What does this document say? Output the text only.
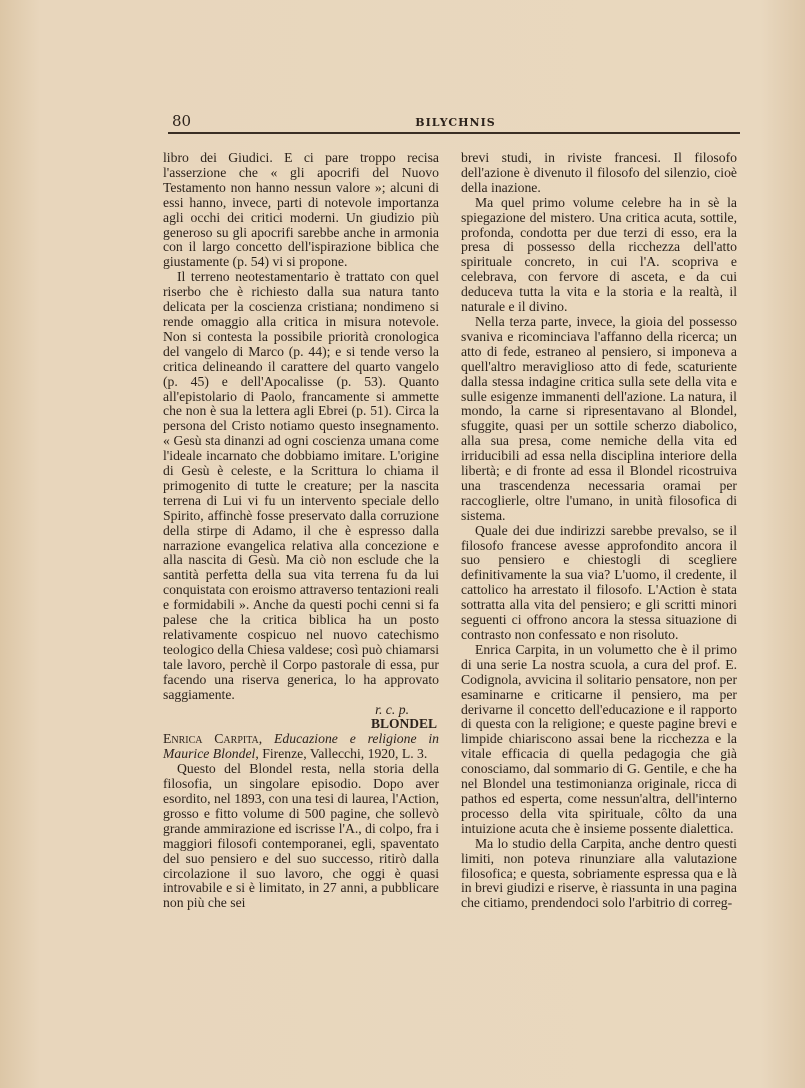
80	BILYCHNIS

libro dei Giudici. E ci pare troppo recisa l'asserzione che « gli apocrifi del Nuovo Testamento non hanno nessun valore »; alcuni di essi hanno, invece, parti di notevole importanza agli occhi dei critici moderni. Un giudizio più generoso su gli apocrifi sarebbe anche in armonia con il largo concetto dell'ispirazione biblica che giustamente (p. 54) vi si propone.

Il terreno neotestamentario è trattato con quel riserbo che è richiesto dalla sua natura tanto delicata per la coscienza cristiana; nondimeno si rende omaggio alla critica in misura notevole. Non si contesta la possibile priorità cronologica del vangelo di Marco (p. 44); e si tende verso la critica delineando il carattere del quarto vangelo (p. 45) e dell'Apocalisse (p. 53). Quanto all'epistolario di Paolo, francamente si ammette che non è sua la lettera agli Ebrei (p. 51). Circa la persona del Cristo notiamo questo insegnamento. « Gesù sta dinanzi ad ogni coscienza umana come l'ideale incarnato che dobbiamo imitare. L'origine di Gesù è celeste, e la Scrittura lo chiama il primogenito di tutte le creature; per la nascita terrena di Lui vi fu un intervento speciale dello Spirito, affinchè fosse preservato dalla corruzione della stirpe di Adamo, il che è espresso dalla narrazione evangelica relativa alla concezione e alla nascita di Gesù. Ma ciò non esclude che la santità perfetta della sua vita terrena fu da lui conquistata con eroismo attraverso tentazioni reali e formidabili ». Anche da questi pochi cenni si fa palese che la critica biblica ha un posto relativamente cospicuo nel nuovo catechismo teologico della Chiesa valdese; così può chiamarsi tale lavoro, perchè il Corpo pastorale di essa, pur facendo una riserva generica, lo ha approvato saggiamente.

r. c. p.

BLONDEL

Enrica Carpita, Educazione e religione in Maurice Blondel, Firenze, Vallecchi, 1920, L. 3.

Questo del Blondel resta, nella storia della filosofia, un singolare episodio. Dopo aver esordito, nel 1893, con una tesi di laurea, l'Action, grosso e fitto volume di 500 pagine, che sollevò grande ammirazione ed iscrisse l'A., di colpo, fra i maggiori filosofi contemporanei, egli, spaventato del suo pensiero e del suo successo, ritirò dalla circolazione il suo lavoro, che oggi è quasi introvabile e si è limitato, in 27 anni, a pubblicare non più che sei

brevi studi, in riviste francesi. Il filosofo dell'azione è divenuto il filosofo del silenzio, cioè della inazione.

Ma quel primo volume celebre ha in sè la spiegazione del mistero. Una critica acuta, sottile, profonda, condotta per due terzi di esso, era la presa di possesso della ricchezza dell'atto spirituale concreto, in cui l'A. scopriva e celebrava, con fervore di asceta, e da cui deduceva tutta la vita e la storia e la realtà, il naturale e il divino.

Nella terza parte, invece, la gioia del possesso svaniva e ricominciava l'affanno della ricerca; un atto di fede, estraneo al pensiero, si imponeva a quell'altro meraviglioso atto di fede, scaturiente dalla stessa indagine critica sulla sete della vita e sulle esigenze immanenti dell'azione. La natura, il mondo, la carne si ripresentavano al Blondel, sfuggite, quasi per un sottile scherzo diabolico, alla sua presa, come nemiche della vita ed irriducibili ad essa nella disciplina interiore della libertà; e di fronte ad essa il Blondel ricostruiva una trascendenza necessaria oramai per raccoglierle, oltre l'umano, in unità filosofica di sistema.

Quale dei due indirizzi sarebbe prevalso, se il filosofo francese avesse approfondito ancora il suo pensiero e chiestogli di scegliere definitivamente la sua via? L'uomo, il credente, il cattolico ha arrestato il filosofo. L'Action è stata sottratta alla vita del pensiero; e gli scritti minori seguenti ci offrono ancora la stessa situazione di contrasto non confessato e non risoluto.

Enrica Carpita, in un volumetto che è il primo di una serie La nostra scuola, a cura del prof. E. Codignola, avvicina il solitario pensatore, non per esaminarne e criticarne il pensiero, ma per derivarne il concetto dell'educazione e il rapporto di questa con la religione; e queste pagine brevi e limpide chiariscono assai bene la ricchezza e la vitale efficacia di quella pedagogia che già conosciamo, dal sommario di G. Gentile, e che ha nel Blondel una testimonianza originale, ricca di pathos ed esperta, come nessun'altra, dell'interno processo della vita spirituale, côlto da una intuizione acuta che è insieme possente dialettica.

Ma lo studio della Carpita, anche dentro questi limiti, non poteva rinunziare alla valutazione filosofica; e questa, sobriamente espressa qua e là in brevi giudizi e riserve, è riassunta in una pagina che citiamo, prendendoci solo l'arbitrio di correg-
